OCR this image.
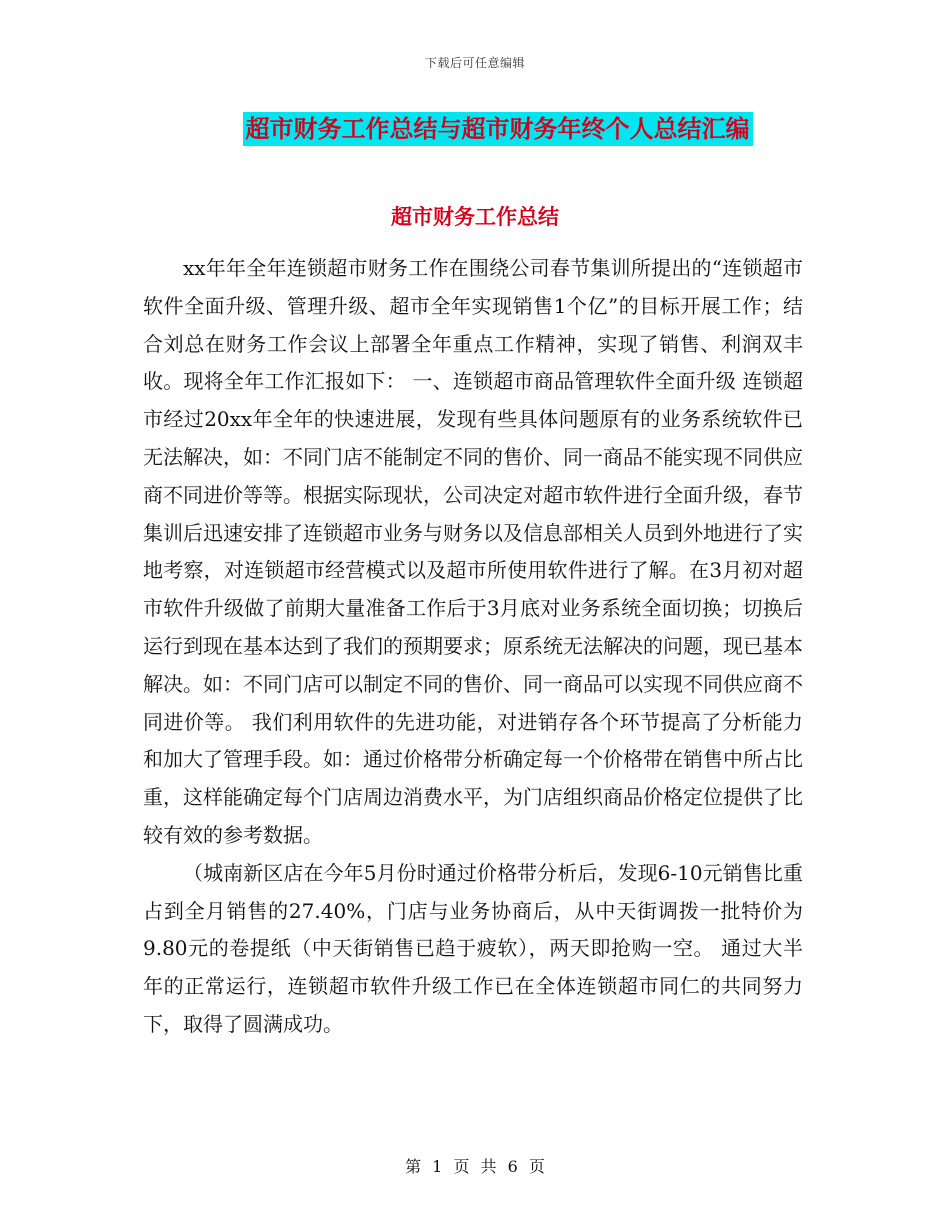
下载后可任意编辑
超市财务工作总结与超市财务年终个人总结汇编
超市财务工作总结

xx年年全年连锁超市财务工作在围绕公司春节集训所提出的“连锁超市软件全面升级、管理升级、超市全年实现销售1个亿”的目标开展工作；结合刘总在财务工作会议上部署全年重点工作精神，实现了销售、利润双丰收。现将全年工作汇报如下： 一、连锁超市商品管理软件全面升级 连锁超市经过20xx年全年的快速进展，发现有些具体问题原有的业务系统软件已无法解决，如：不同门店不能制定不同的售价、同一商品不能实现不同供应商不同进价等等。根据实际现状，公司决定对超市软件进行全面升级，春节集训后迅速安排了连锁超市业务与财务以及信息部相关人员到外地进行了实地考察，对连锁超市经营模式以及超市所使用软件进行了解。在3月初对超市软件升级做了前期大量准备工作后于3月底对业务系统全面切换；切换后运行到现在基本达到了我们的预期要求；原系统无法解决的问题，现已基本解决。如：不同门店可以制定不同的售价、同一商品可以实现不同供应商不同进价等。 我们利用软件的先进功能，对进销存各个环节提高了分析能力和加大了管理手段。如：通过价格带分析确定每一个价格带在销售中所占比重，这样能确定每个门店周边消费水平，为门店组织商品价格定位提供了比较有效的参考数据。

（城南新区店在今年5月份时通过价格带分析后，发现6-10元销售比重占到全月销售的27.40%，门店与业务协商后，从中天街调拨一批特价为9.80元的卷提纸（中天街销售已趋于疲软），两天即抢购一空。 通过大半年的正常运行，连锁超市软件升级工作已在全体连锁超市同仁的共同努力下，取得了圆满成功。

第 1 页 共 6 页
